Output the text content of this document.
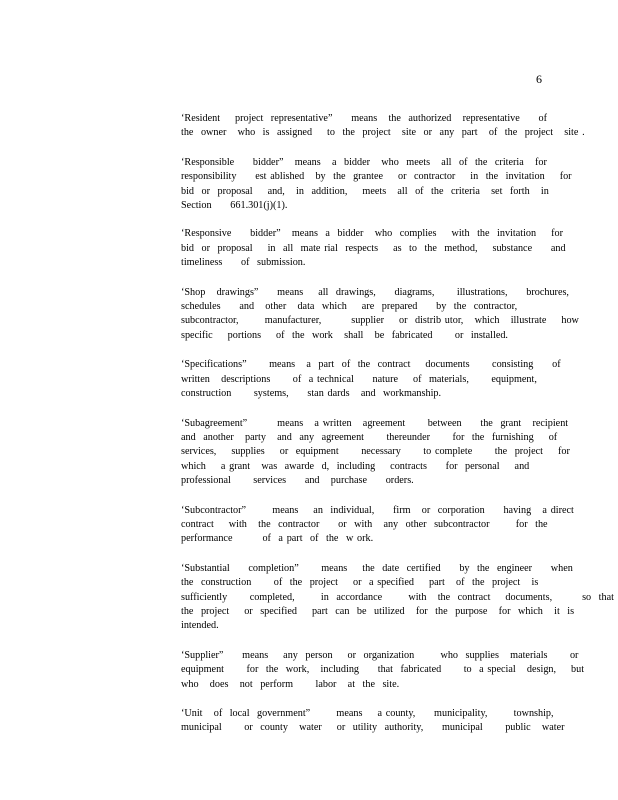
6
‘Resident    project  representative”     means   the  authorized   representative     of
the  owner   who  is  assigned    to  the  project   site  or  any  part   of  the  project   site .
‘Responsible     bidder”   means   a  bidder   who  meets   all  of  the  criteria   for
responsibility     est ablished   by  the  grantee    or  contractor    in  the  invitation    for
bid  or  proposal    and,   in  addition,    meets   all  of  the  criteria   set  forth   in
Section     661.301(j)(1).
‘Responsive     bidder”   means  a  bidder   who  complies    with  the  invitation    for
bid  or  proposal    in  all  mate rial  respects    as  to  the  method,    substance     and
timeliness     of  submission.
‘Shop   drawings”     means    all  drawings,     diagrams,      illustrations,     brochures,
schedules     and   other   data  which    are  prepared     by  the  contractor,
subcontractor,       manufacturer,        supplier    or  distrib utor,   which   illustrate    how
specific    portions    of  the  work   shall   be  fabricated      or  installed.
‘Specifications”      means   a  part  of  the  contract    documents      consisting     of
written   descriptions      of  a technical     nature    of  materials,      equipment,
construction      systems,     stan dards   and  workmanship.
‘Subagreement”        means   a written   agreement      between     the  grant   recipient
and  another   party   and  any  agreement      thereunder      for  the  furnishing    of
services,    supplies    or  equipment      necessary      to complete      the  project    for
which    a grant   was  awarde  d,  including    contracts     for  personal    and
professional      services     and   purchase     orders.
‘Subcontractor”       means    an  individual,     firm   or  corporation     having   a direct
contract    with   the  contractor     or  with   any  other  subcontractor       for  the
performance        of  a part  of  the  w ork.
‘Substantial     completion”      means    the  date  certified     by  the  engineer     when
the  construction      of  the  project    or  a specified    part   of  the  project   is
sufficiently      completed,       in  accordance       with   the  contract    documents,        so  that
the  project    or  specified    part  can  be  utilized   for  the  purpose   for  which   it  is
intended.
‘Supplier”     means    any  person    or  organization       who  supplies   materials      or
equipment      for  the  work,   including     that  fabricated      to  a special   design,    but
who   does   not  perform      labor   at  the  site.
‘Unit   of  local  government”       means    a county,     municipality,       township,
municipal      or  county   water    or  utility  authority,     municipal      public   water
